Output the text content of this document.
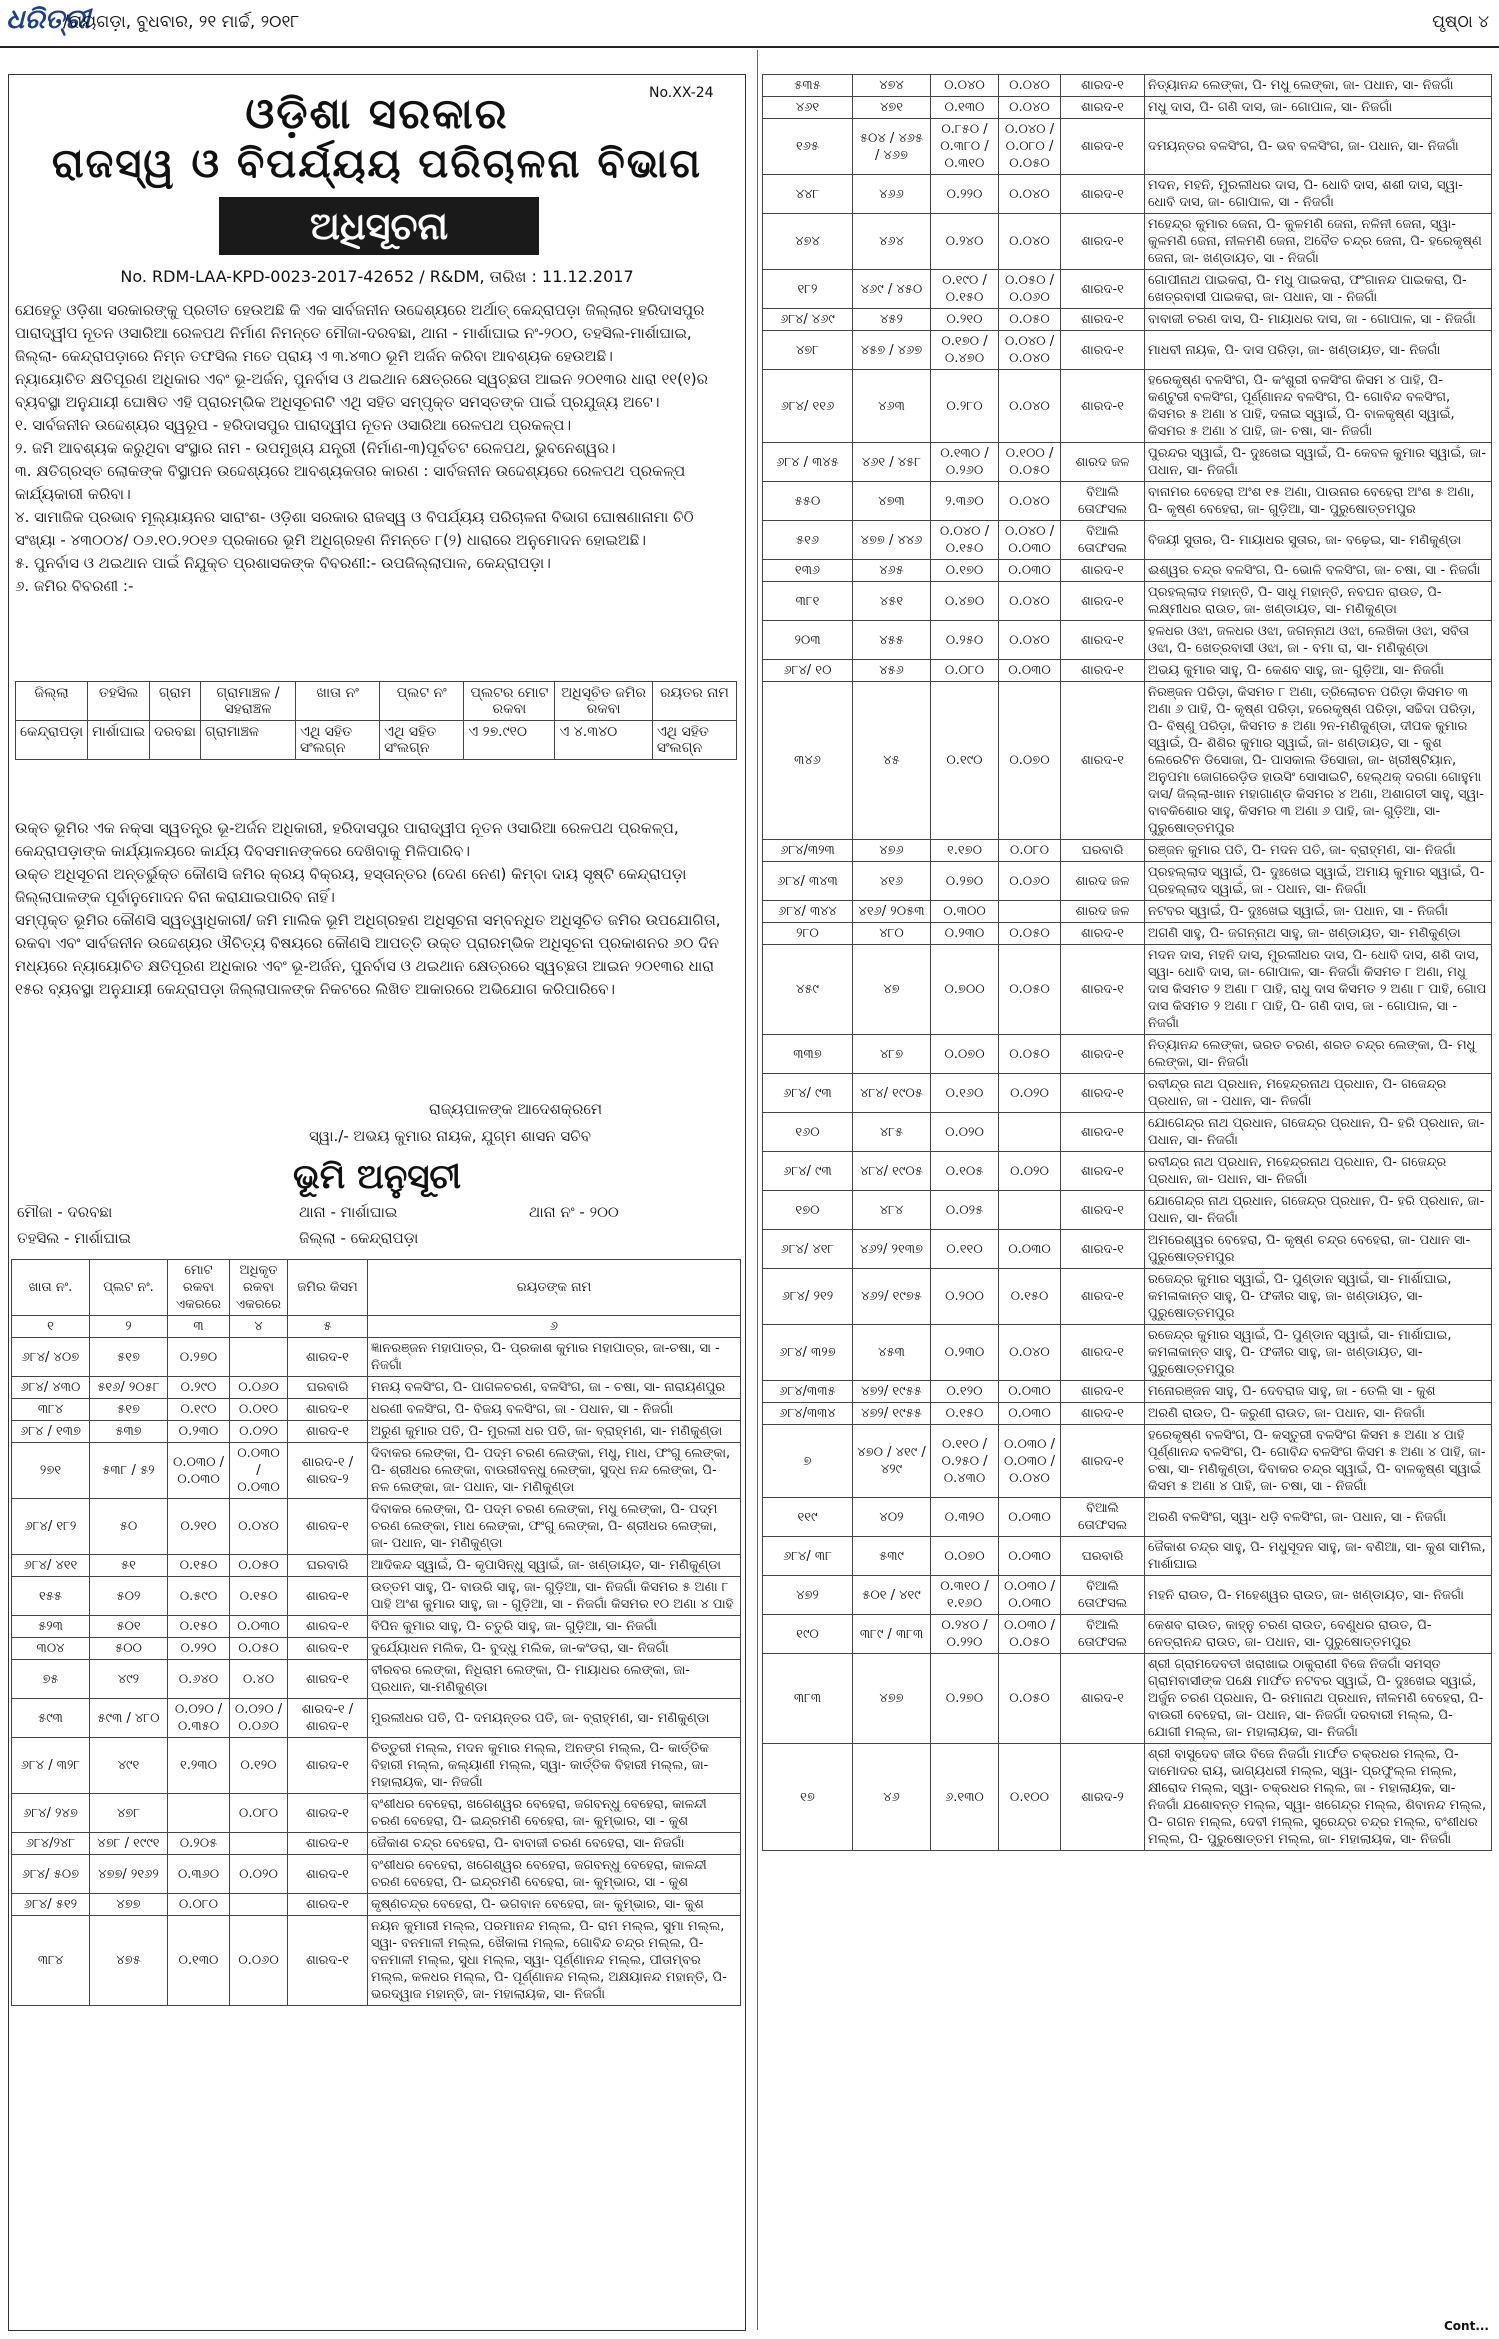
ଧରିତ୍ରୀ
/ରାୟଗଡ଼ା, ବୁଧବାର, ୨୧ ମାର୍ଚ୍ଚ, ୨୦୧୮	ପୃଷ୍ଠା ୪
No.XX-24
ଓଡ଼ିଶା ସରକାର
ରାଜସ୍ୱ ଓ ବିପର୍ଯ୍ୟୟ ପରିଚାଳନା ବିଭାଗ
ଅଧିସୂଚନା
No. RDM-LAA-KPD-0023-2017-42652 / R&DM, ତାରିଖ : 11.12.2017

ଯେହେତୁ ଓଡ଼ିଶା ସରକାରଙ୍କୁ ପ୍ରତୀତ ହେଉଅଛି କି ଏକ ସାର୍ବଜନୀନ ଉଦ୍ଦେଶ୍ୟରେ ଅର୍ଥାତ୍ କେନ୍ଦ୍ରାପଡ଼ା ଜିଲ୍ଲାର ହରିଦାସପୁର ପାରାଦ୍ୱୀପ ନୂତନ ଓସାରିଆ ରେଳପଥ ନିର୍ମାଣ ନିମନ୍ତେ ମୌଜା-ଦରବଛା, ଥାନା - ମାର୍ଶାଘାଇ ନଂ-୨୦୦, ତହସିଲ-ମାର୍ଶାଘାଇ, ଜିଲ୍ଲା- କେନ୍ଦ୍ରାପଡ଼ାରେ ନିମ୍ନ ତଫସିଲ ମତେ ପ୍ରାୟ ଏ ୩.୪୩୦ ଭୂମି ଅର୍ଜନ କରିବା ଆବଶ୍ୟକ ହେଉଅଛି।

ନ୍ୟାୟୋଚିତ କ୍ଷତିପୂରଣ ଅଧିକାର ଏବଂ ଭୂ-ଅର୍ଜନ, ପୁନର୍ବାସ ଓ ଥଇଥାନ କ୍ଷେତ୍ରରେ ସ୍ୱଚ୍ଛତା ଆଇନ ୨୦୧୩ର ଧାରା ୧୧(୧)ର ବ୍ୟବସ୍ଥା ଅନୁଯାୟୀ ଘୋଷିତ ଏହି ପ୍ରାରମ୍ଭିକ ଅଧିସୂଚନାଟି ଏଥି ସହିତ ସମ୍ପୃକ୍ତ ସମସ୍ତଙ୍କ ପାଇଁ ପ୍ରଯୁଜ୍ୟ ଅଟେ।

୧. ସାର୍ବଜନୀନ ଉଦ୍ଦେଶ୍ୟର ସ୍ୱରୂପ - ହରିଦାସପୁର ପାରାଦ୍ୱୀପ ନୂତନ ଓସାରିଆ ରେଳପଥ ପ୍ରକଳ୍ପ।

୨. ଜମି ଆବଶ୍ୟକ କରୁଥିବା ସଂସ୍ଥାର ନାମ - ଉପମୁଖ୍ୟ ଯନ୍ତ୍ରୀ (ନିର୍ମାଣ-୩)ପୂର୍ବତଟ ରେଳପଥ, ଭୁବନେଶ୍ୱର।

୩. କ୍ଷତିଗ୍ରସ୍ତ ଲୋକଙ୍କ ବିସ୍ଥାପନ ଉଦ୍ଦେଶ୍ୟରେ ଆବଶ୍ୟକତାର କାରଣ : ସାର୍ବଜନୀନ ଉଦ୍ଦେଶ୍ୟରେ ରେଳପଥ ପ୍ରକଳ୍ପ କାର୍ଯ୍ୟକାରୀ କରିବା।

୪. ସାମାଜିକ ପ୍ରଭାବ ମୂଲ୍ୟାୟନର ସାରାଂଶ- ଓଡ଼ିଶା ସରକାର ରାଜସ୍ୱ ଓ ବିପର୍ଯ୍ୟୟ ପରିଚାଳନା ବିଭାଗ ଘୋଷଣାନାମା ଚିଠି ସଂଖ୍ୟା - ୪୩୦୦୪/ ୦୬.୧୦.୨୦୧୬ ପ୍ରକାରେ ଭୂମି ଅଧିଗ୍ରହଣ ନିମନ୍ତେ ୮(୨) ଧାରାରେ ଅନୁମୋଦନ ହୋଇଅଛି।

୫. ପୁନର୍ବାସ ଓ ଥଇଥାନ ପାଇଁ ନିଯୁକ୍ତ ପ୍ରଶାସକଙ୍କ ବିବରଣୀ:- ଉପଜିଲ୍ଲାପାଳ, କେନ୍ଦ୍ରାପଡ଼ା।

୬. ଜମିର ବିବରଣୀ :-

ଜିଲ୍ଲା	ତହସିଲ	ଗ୍ରାମ	ଗ୍ରାମାଞ୍ଚଳ / ସହରାଞ୍ଚଳ	ଖାତା ନଂ	ପ୍ଲଟ ନଂ	ପ୍ଲଟର ମୋଟ ରକବା	ଅଧିସୂଚିତ ଜମିର ରକବା	ରୟତର ନାମ
କେନ୍ଦ୍ରାପଡ଼ା	ମାର୍ଶାଘାଇ	ଦରବଛା	ଗ୍ରାମାଞ୍ଚଳ	ଏଥି ସହିତ ସଂଲଗ୍ନ	ଏଥି ସହିତ ସଂଲଗ୍ନ	ଏ ୨୭.୯୧୦	ଏ ୪.୩୪୦	ଏଥି ସହିତ ସଂଲଗ୍ନ

ଉକ୍ତ ଭୂମିର ଏକ ନକ୍ସା ସ୍ୱତନ୍ତ୍ର ଭୂ-ଅର୍ଜନ ଅଧିକାରୀ, ହରିଦାସପୁର ପାରାଦ୍ୱୀପ ନୂତନ ଓସାରିଆ ରେଳପଥ ପ୍ରକଳ୍ପ, କେନ୍ଦ୍ରାପଡ଼ାଙ୍କ କାର୍ଯ୍ୟାଳୟରେ କାର୍ଯ୍ୟ ଦିବସମାନଙ୍କରେ ଦେଖିବାକୁ ମିଳିପାରିବ।

ଉକ୍ତ ଅଧିସୂଚନା ଅନ୍ତର୍ଭୁକ୍ତ କୌଣସି ଜମିର କ୍ରୟ ବିକ୍ରୟ, ହସ୍ତାନ୍ତର (ଦେଣ ନେଣ) କିମ୍ବା ଦାୟ ସୃଷ୍ଟି କେନ୍ଦ୍ରାପଡ଼ା ଜିଲ୍ଲାପାଳଙ୍କ ପୂର୍ବାନୁମୋଦନ ବିନା କରାଯାଇପାରିବ ନାହିଁ।

ସମ୍ପୃକ୍ତ ଭୂମିର କୌଣସି ସ୍ୱତ୍ୱାଧିକାରୀ/ ଜମି ମାଲିକ ଭୂମି ଅଧିଗ୍ରହଣ ଅଧିସୂଚନା ସମ୍ବନ୍ଧିତ ଅଧିସୂଚିତ ଜମିର ଉପଯୋଗିତା, ରକବା ଏବଂ ସାର୍ବଜନୀନ ଉଦ୍ଦେଶ୍ୟର ଔଚିତ୍ୟ ବିଷୟରେ କୌଣସି ଆପତ୍ତି ଉକ୍ତ ପ୍ରାରମ୍ଭିକ ଅଧିସୂଚନା ପ୍ରକାଶନର ୬୦ ଦିନ ମଧ୍ୟରେ ନ୍ୟାୟୋଚିତ କ୍ଷତିପୂରଣ ଅଧିକାର ଏବଂ ଭୂ-ଅର୍ଜନ, ପୁନର୍ବାସ ଓ ଥଇଥାନ କ୍ଷେତ୍ରରେ ସ୍ୱଚ୍ଛତା ଆଇନ ୨୦୧୩ର ଧାରା ୧୫ର ବ୍ୟବସ୍ଥା ଅନୁଯାୟୀ କେନ୍ଦ୍ରାପଡ଼ା ଜିଲ୍ଲାପାଳଙ୍କ ନିକଟରେ ଲିଖିତ ଆକାରରେ ଅଭିଯୋଗ କରିପାରିବେ।

ରାଜ୍ୟପାଳଙ୍କ ଆଦେଶକ୍ରମେ
ସ୍ୱା./- ଅଭୟ କୁମାର ନାୟକ, ଯୁଗ୍ମ ଶାସନ ସଚିବ
ଭୂମି ଅନୁସୂଚୀ
ମୌଜା - ଦରବଛା	ଥାନା - ମାର୍ଶାଘାଇ	ଥାନା ନଂ - ୨୦୦
ତହସିଲ - ମାର୍ଶାଘାଇ	ଜିଲ୍ଲା - କେନ୍ଦ୍ରାପଡ଼ା
ଖାତା ନଂ.	ପ୍ଲଟ ନଂ.	ମୋଟ ରକବା ଏକରରେ	ଅଧିକୃତ ରକବା ଏକରରେ	ଜମିର କିସମ	ରୟତଙ୍କ ନାମ
୧	୨	୩	୪	୫	୬
୬୮୪/ ୪୦୭	୫୧୭	୦.୨୭୦		ଶାରଦ-୧	ଜ୍ଞାନରଞ୍ଜନ ମହାପାତ୍ର, ପି- ପ୍ରକାଶ କୁମାର ମହାପାତ୍ର, ଜା-ଚଷା, ସା - ନିଜଗାଁ
୬୮୪/ ୪୩୦	୫୧୬/ ୨୦୫୮	୦.୨୯୦	୦.୦୬୦	ଘରବାରି	ମନୟ ବଳସିଂଗ, ପି- ପାଗଳଚରଣ, ବଳସିଂଗ, ଜା - ଚଷା, ସା- ନାରାୟଣପୁର
୩୮୪	୫୧୭	୦.୧୯୦	୦.୦୧୦	ଶାରଦ-୧	ଧରଣୀ ବଳସିଂଗ, ପି- ବିଜୟ ବଳସିଂଗ, ଜା - ପଧାନ, ସା - ନିଜଗାଁ
୬୮୪ / ୧୩୭	୫୩୭	୦.୨୩୦	୦.୦୨୦	ଶାରଦ-୧	ଅରୁଣ କୁମାର ପତି, ପି- ମୁରଲୀ ଧର ପତି, ଜା- ବ୍ରାହ୍ମଣ, ସା- ମଣିକୁଣ୍ଡା
୨୭୧	୫୩୮ / ୫୨	୦.୦୩୦ / ୦.୦୩୦	୦.୦୩୦ / ୦.୦୩୦	ଶାରଦ-୧ / ଶାରଦ-୨	ଦିବାକର ଲେଙ୍କା, ପି- ପଦ୍ମ ଚରଣ ଲେଙ୍କା, ମଧୁ, ମାଧ, ଫଂଗୁ ଲେଙ୍କା, ପି- ଶ୍ରୀଧର ଲେଙ୍କା, ବାଉରୀବନ୍ଧୁ ଲେଙ୍କା, ସୁଦ୍ଧ ନନ୍ଦ ଲେଙ୍କା, ପି- ନଳ ଲେଙ୍କା, ଜା- ପଧାନ, ସା- ମଣିକୁଣ୍ଡା
୬୮୪/ ୧୮୨	୫୦	୦.୨୧୦	୦.୦୪୦	ଶାରଦ-୧	ଦିବାକର ଲେଙ୍କା, ପି- ପଦ୍ମ ଚରଣ ଲେଙ୍କା, ମଧୁ ଲେଙ୍କା, ପି- ପଦ୍ମ ଚରଣ ଲେଙ୍କା, ମାଧ ଲେଙ୍କା, ଫଂଗୁ ଲେଙ୍କା, ପି- ଶ୍ରୀଧର ଲେଙ୍କା, ଜା- ପଧାନ, ସା- ମଣିକୁଣ୍ଡା
୬୮୪/ ୪୧୧	୫୧	୦.୧୫୦	୦.୦୫୦	ଘରବାରି	ଆଦିକନ୍ଦ ସ୍ୱାଇଁ, ପି- କୃପାସିନ୍ଧୁ ସ୍ୱାଇଁ, ଜା- ଖଣ୍ଡାୟତ, ସା- ମଣିକୁଣ୍ଡା
୧୫୫	୫୦୨	୦.୫୯୦	୦.୧୫୦	ଶାରଦ-୧	ଉତ୍ତମ ସାହୁ, ପି- ବାଉରି ସାହୁ, ଜା- ଗୁଡ଼ିଆ, ସା- ନିଜଗାଁ କିସମର ୫ ଅଣା ୮ ପାହି ଅଂଶ କୁମାର ସାହୁ, ଜା - ଗୁଡ଼ିଆ, ସା - ନିଜଗାଁ କିସମର ୧୦ ଅଣା ୪ ପାହି
୫୨୩	୫୦୧	୦.୧୫୦	୦.୦୩୦	ଶାରଦ-୧	ବିପିନ କୁମାର ସାହୁ, ପି- ଚତୁରି ସାହୁ, ଜା- ଗୁଡ଼ିଆ, ସା- ନିଜଗାଁ
୩୦୪	୫୦୦	୦.୨୨୦	୦.୦୫୦	ଶାରଦ-୧	ଦୁର୍ଯ୍ୟୋଧନ ମଲିକ, ପି- ବୁଦ୍ଧୁ ମଲିକ, ଜା-କଂଡରା, ସା- ନିଜଗାଁ
୭୫	୪୯୨	୦.୬୪୦	୦.୪୦	ଶାରଦ-୧	ବୀରବର ଲେଙ୍କା, ନିଧିରାମ ଲେଙ୍କା, ପି- ମାୟାଧର ଲେଙ୍କା, ଜା- ପ୍ରଧାନ, ସା-ମଣିକୁଣ୍ଡା
୫୯୩	୫୯୩ / ୪୮୦	୦.୦୨୦ / ୦.୩୫୦	୦.୦୨୦ / ୦.୦୬୦	ଶାରଦ-୧ / ଶାରଦ-୧	ମୁରଲୀଧର ପତି, ପି- ଦମୟନ୍ତର ପତି, ଜା- ବ୍ରାହ୍ମଣ, ସା- ମଣିକୁଣ୍ଡା
୬୮୪ / ୩୨୮	୪୯୧	୧.୨୩୦	୦.୧୨୦	ଶାରଦ-୧	ଚିତ୍ତୁରୀ ମଲ୍ଲ, ମଦନ କୁମାର ମଲ୍ଲ, ଅନଙ୍ଗ ମଲ୍ଲ, ପି- କାର୍ତ୍ତିକ ବିହାରୀ ମଲ୍ଲ, କଲ୍ୟାଣୀ ମଲ୍ଲ, ସ୍ୱା- କାର୍ତ୍ତିକ ବିହାରୀ ମଲ୍ଲ, ଜା- ମହାଲାୟକ, ସା- ନିଜଗାଁ
୬୮୪/ ୨୪୭	୪୭୮		୦.୦୮୦	ଶାରଦ-୧	ବଂଶୀଧର ବେହେରା, ଖଗେଶ୍ୱର ବେହେରା, ଜଗବନ୍ଧୁ ବେହେରା, କାଳନ୍ଦୀ ଚରଣ ବେହେରା, ପି- ଇନ୍ଦ୍ରମଣି ବେହେରା, ଜା- କୁମ୍ଭାର, ସା - କୁଶ
୬୮୪/୨୪୮	୪୭୮ / ୧୯୯୧	୦.୨୦୫		ଶାରଦ-୧	ଜୈକାଶ ଚନ୍ଦ୍ର ବେହେରା, ପି- ବାବାଜୀ ଚରଣ ବେହେରା, ସା- ନିଜଗାଁ
୬୮୪/ ୫୦୭	୪୭୭/ ୨୧୬୨	୦.୩୬୦	୦.୦୨୦	ଶାରଦ-୧	ବଂଶୀଧର ବେହେରା, ଖଗେଶ୍ୱର ବେହେରା, ଜଗବନ୍ଧୁ ବେହେରା, କାଳନ୍ଦୀ ଚରଣ ବେହେରା, ପି- ଇନ୍ଦ୍ରମଣି ବେହେରା, ଜା- କୁମ୍ଭାର, ସା - କୁଶ
୬୮୪/ ୫୧୨	୪୭୭	୦.୦୮୦		ଶାରଦ-୧	କୃଷ୍ଣଚନ୍ଦ୍ର ବେହେରା, ପି- ଭଗବାନ ବେହେରା, ଜା- କୁମ୍ଭାର, ସା- କୁଶ
୩୮୪	୪୭୫	୦.୧୩୦	୦.୦୬୦	ଶାରଦ-୧	ନୟନ କୁମାରୀ ମଲ୍ଲ, ପରମାନନ୍ଦ ମଲ୍ଲ, ପି- ରାମ ମଲ୍ଲ, ସୁମା ମଲ୍ଲ, ସ୍ୱା- ବନମାଳୀ ମଲ୍ଲ, ଖୈକାଳା ମଲ୍ଲ, ଗୋବିନ୍ଦ ଚନ୍ଦ୍ର ମଲ୍ଲ, ପି- ବନମାଳୀ ମଲ୍ଲ, ସୁଧା ମଲ୍ଲ, ସ୍ୱା- ପୂର୍ଣ୍ଣାନନ୍ଦ ମଲ୍ଲ, ପୀତାମ୍ବର ମଲ୍ଲ, କଳଧର ମଲ୍ଲ, ପି- ପୂର୍ଣ୍ଣାନନ୍ଦ ମଲ୍ଲ, ଅକ୍ଷୟାନନ୍ଦ ମହାନ୍ତି, ପି- ଭରଦ୍ୱାଜ ମହାନ୍ତି, ଜା- ମହାଲାୟକ, ସା- ନିଜଗାଁ
୫୩୫	୪୭୪	୦.୦୪୦	୦.୦୪୦	ଶାରଦ-୧	ନିତ୍ୟାନନ୍ଦ ଲେଙ୍କା, ପି- ମଧୁ ଲେଙ୍କା, ଜା- ପଧାନ, ସା- ନିଜଗାଁ
୪୬୧	୪୭୧	୦.୧୩୦	୦.୦୪୦	ଶାରଦ-୧	ମଧୁ ଦାସ, ପି- ଗଣି ଦାସ, ଜା- ଗୋପାଳ, ସା- ନିଜଗାଁ
୧୬୫	୫୦୪ / ୪୬୫ / ୪୬୭	୦.୮୫୦ / ୦.୩୮୦ / ୦.୩୧୦	୦.୦୪୦ / ୦.୦୮୦ / ୦.୦୫୦	ଶାରଦ-୧	ଦମୟନ୍ତର ବଳସିଂଗ, ପି- ଭବ ବଳସିଂଗ, ଜା- ପଧାନ, ସା- ନିଜଗାଁ
୪୪୮	୪୬୬	୦.୨୨୦	୦.୦୪୦	ଶାରଦ-୧	ମଦନ, ମହନି, ମୁରଲୀଧର ଦାସ, ପି- ଧୋବି ଦାସ, ଶଶୀ ଦାସ, ସ୍ୱା- ଧୋବି ଦାସ, ଜା- ଗୋପାଳ, ସା - ନିଜଗାଁ
୪୭୪	୪୬୪	୦.୨୪୦	୦.୦୪୦	ଶାରଦ-୧	ମହେନ୍ଦ୍ର କୁମାର ଜେନା, ପି- କୁଳମଣି ଜେନା, ନଳିନୀ ଜେନା, ସ୍ୱା- କୁଳମଣି ଜେନା, ନୀଳମଣି ଜେନା, ଅବୈତ ଚନ୍ଦ୍ର ଜେନା, ପି- ହରେକୃଷ୍ଣ ଜେନା, ଜା- ଖଣ୍ଡାୟତ, ସା - ନିଜଗାଁ
୧୮୨	୪୬୯ / ୪୫୦	୦.୧୯୦ / ୦.୧୫୦	୦.୦୫୦ / ୦.୦୬୦	ଶାରଦ-୧	ଗୋପୀନାଥ ପାଇକରା, ପି- ମଧୁ ପାଇକରା, ଫଂଗାନନ୍ଦ ପାଇକରା, ପି- ଖେତ୍ରବାସୀ ପାଇକରା, ଜା- ପଧାନ, ସା - ନିଜଗାଁ
୬୮୪/ ୪୬୯	୪୫୨	୦.୨୧୦	୦.୦୫୦	ଶାରଦ-୧	ବାବାଜୀ ଚରଣ ଦାସ, ପି- ମାୟାଧର ଦାସ, ଜା - ଗୋପାଳ, ସା - ନିଜଗାଁ
୪୭୮	୪୫୭ / ୪୬୭	୦.୧୭୦ / ୦.୪୭୦	୦.୦୪୦ / ୦.୦୪୦	ଶାରଦ-୧	ମାଧବୀ ନାୟକ, ପି- ଦାସ ପରିଡ଼ା, ଜା- ଖଣ୍ଡାୟତ, ସା- ନିଜଗାଁ
୬୮୪/ ୧୧୬	୪୬୩	୦.୨୮୦	୦.୦୪୦	ଶାରଦ-୧	ହରେକୃଷ୍ଣ ବଳସିଂଗ, ପି- କଂଶୁରୀ ବଳସିଂଗ କିସମ ୪ ପାହି, ପି- କଣ୍ଟୁରୀ ବଳସିଂଗ, ପୂର୍ଣ୍ଣାନନ୍ଦ ବଳସିଂଗ, ପି- ଗୋବିନ୍ଦ ବଳସିଂଗ, କିସମର ୫ ଅଣା ୪ ପାହି, ଦଳାଇ ସ୍ୱାଇଁ, ପି- ବାଳକୃଷ୍ଣ ସ୍ୱାଇଁ, କିସମର ୫ ଅଣା ୪ ପାହି, ଜା- ଚଷା, ସା- ନିଜଗାଁ
୬୮୪ / ୩୪୫	୪୬୧ / ୪୫୮	୦.୧୩୦ / ୦.୨୬୦	୦.୧୦୦ / ୦.୦୫୦	ଶାରଦ ଜଳ	ପୁରନ୍ଦର ସ୍ୱାଇଁ, ପି- ଦୁଃଖେଇ ସ୍ୱାଇଁ, ପି- କେବଳ କୁମାର ସ୍ୱାଇଁ, ଜା- ପଧାନ, ସା- ନିଜଗାଁ
୫୫୦	୪୭୩	୨.୩୬୦	୦.୦୪୦	ବିଆଲି ତୋଫସଲ	ବାନାମର ବେହେରା ଅଂଶ ୧୫ ଅଣା, ପାଉନାର ବେହେରା ଅଂଶ ୫ ଅଣା, ପି- କୃଷ୍ଣ ବେହେରା, ଜା- ଗୁଡ଼ିଆ, ସା- ପୁରୁଷୋତ୍ତମପୁର
୫୧୬	୪୭୭ / ୪୪୬	୦.୦୪୦ / ୦.୧୫୦	୦.୦୪୦ / ୦.୦୩୦	ବିଆଲି ତୋଫସଲ	ବିଜୟୀ ସୁତାର, ପି- ମାୟାଧର ସୁତାର, ଜା- ବଢ଼େଇ, ସା- ମଣିକୁଣ୍ଡା
୧୩୬	୪୬୫	୦.୧୭୦	୦.୦୩୦	ଶାରଦ-୧	ଈଶ୍ୱର ଚନ୍ଦ୍ର ବଳସିଂଗ, ପି- ଭୋଳି ବଳସିଂଗ, ଜା- ଚଷା, ସା - ନିଜଗାଁ
୩୮୧	୪୫୧	୦.୪୭୦	୦.୦୪୦	ଶାରଦ-୧	ପ୍ରହଲ୍ଲାଦ ମହାନ୍ତି, ପି- ସାଧୁ ମହାନ୍ତି, ନବଘନ ରାଉତ, ପି- ଲକ୍ଷ୍ମୀଧର ରାଉତ, ଜା- ଖଣ୍ଡାୟତ, ସା- ମଣିକୁଣ୍ଡା
୨୦୩	୪୫୫	୦.୨୫୦	୦.୦୪୦	ଶାରଦ-୧	ହଳଧର ଓଝା, ଜଳଧର ଓଝା, ଜଗନ୍ନାଥ ଓଝା, ଲେଖିକା ଓଝା, ସବିତା ଓଝା, ପି- ଖେତ୍ରବାସୀ ଓଝା, ଜା - ବମା ରା, ସା- ମଣିକୁଣ୍ଡା
୬୮୪/ ୧୦	୪୫୬	୦.୦୮୦	୦.୦୩୦	ଶାରଦ-୧	ଅଭୟ କୁମାର ସାହୁ, ପି- କେଶବ ସାହୁ, ଜା- ଗୁଡ଼ିଆ, ସା- ନିଜଗାଁ
୩୪୬	୪୫	୦.୧୯୦	୦.୦୭୦	ଶାରଦ-୧	ନିରଞ୍ଜନ ପରିଡ଼ା, କିସମତ ୮ ଅଣା, ତ୍ରିଲୋଚନ ପରିଡ଼ା କିସମତ ୩ ଅଣା ୬ ପାହି, ପି- କୃଷ୍ଣ ପରିଡ଼ା, ହରେକୃଷ୍ଣ ପରିଡ଼ା, ସଚ୍ଚିଦା ପରିଡ଼ା, ପି- ବିଷ୍ଣୁ ପରିଡ଼ା, କିସମତ ୫ ଅଣା ୨ନ-ମଣିକୁଣ୍ଡା, ଦୀପକ କୁମାର ସ୍ୱାଇଁ, ପି- ଶିଶିର କୁମାର ସ୍ୱାଇଁ, ଜା- ଖଣ୍ଡାୟତ, ସା - କୁଶ ଲେରେଟିନ ଡିସୋଜା, ପି- ପାସକାଲ ଡିସୋଜା, ଜା- ଖ୍ରୀଷ୍ଟିୟାନ, ଅନୁପମା ଜୋଗରେଡ଼ିଡ ହାଉସିଂ ସୋସାଇଟି, ହେଲ୍ଥକ୍ ଦରଗା ଗୋହୁମା ଦାସ/ ଜିଲ୍ଲା-ଖାନ ମହାଗାଣ୍ଡ କିସମର ୪ ଅଣା, ଅଶାଗତୀ ସାହୁ, ସ୍ୱା- ବାବକିଶୋର ସାହୁ, କିସମର ୩ ଅଣା ୬ ପାହି, ଜା- ଗୁଡ଼ିଆ, ସା- ପୁରୁଷୋତ୍ତମପୁର
୬୮୪/୩୨୩	୪୭୬	୧.୧୭୦	୦.୦୮୦	ଘରବାରି	ରଞ୍ଜନ କୁମାର ପତି, ପି- ମଦନ ପତି, ଜା- ବ୍ରାହ୍ମଣ, ସା- ନିଜଗାଁ
୬୮୪/ ୩୪୩	୪୧୬	୦.୨୭୦	୦.୦୬୦	ଶାରଦ ଜଳ	ପ୍ରହଲ୍ଲାଦ ସ୍ୱାଇଁ, ପି- ଦୁଃଖେଇ ସ୍ୱାଇଁ, ଅମାୟ କୁମାର ସ୍ୱାଇଁ, ପି- ପ୍ରହଲ୍ଲାଦ ସ୍ୱାଇଁ, ଜା - ପଧାନ, ସା- ନିଜଗାଁ
୬୮୪/ ୩୪୪	୪୧୬/ ୨୦୫୩	୦.୩୦୦		ଶାରଦ ଜଳ	ନଟବର ସ୍ୱାଇଁ, ପି- ଦୁଃଖେଇ ସ୍ୱାଇଁ, ଜା- ପଧାନ, ସା - ନିଜଗାଁ
୨୮୦	୪୮୦	୦.୨୩୦	୦.୦୫୦	ଶାରଦ-୧	ଅଗଣି ସାହୁ, ପି- ଜଗନ୍ନାଥ ସାହୁ, ଜା- ଖଣ୍ଡାୟତ, ସା- ମଣିକୁଣ୍ଡା
୪୫୯	୪୭	୦.୭୦୦	୦.୦୫୦	ଶାରଦ-୧	ମଦନ ଦାସ, ମହନି ଦାସ, ମୁରଲୀଧର ଦାସ, ପି- ଧୋବି ଦାସ, ଶଶି ଦାସ, ସ୍ୱା- ଧୋବି ଦାସ, ଜା- ଗୋପାଳ, ସା- ନିଜଗାଁ କିସମତ ୮ ଅଣା, ମଧୁ ଦାସ କିସମତ ୨ ଅଣା ୮ ପାହି, ରାଧୁ ଦାସ କିସମତ ୨ ଅଣା ୮ ପାହି, ଗୋପ ଦାସ କିସମତ ୨ ଅଣା ୮ ପାହି, ପି- ଗଣି ଦାସ, ଜା - ଗୋପାଳ, ସା - ନିଜଗାଁ
୩୩୭	୪୮୭	୦.୦୭୦	୦.୦୫୦	ଶାରଦ-୧	ନିତ୍ୟାନନ୍ଦ ଲେଙ୍କା, ଭରତ ଚରଣ, ଶରତ ଚନ୍ଦ୍ର ଲେଙ୍କା, ପି- ମଧୁ ଲେଙ୍କା, ସା- ନିଜଗାଁ
୬୮୪/ ୯୩	୪୮୪/ ୧୯୦୫	୦.୧୬୦	୦.୦୨୦	ଶାରଦ-୧	ରବୀନ୍ଦ୍ର ନାଥ ପ୍ରଧାନ, ମହେନ୍ଦ୍ରନାଥ ପ୍ରଧାନ, ପି- ଗଜେନ୍ଦ୍ର ପ୍ରଧାନ, ଜା - ପଧାନ, ସା- ନିଜଗାଁ
୧୬୦	୪୮୫	୦.୦୨୦		ଶାରଦ-୧	ଯୋଗେନ୍ଦ୍ର ନାଥ ପ୍ରଧାନ, ଗଜେନ୍ଦ୍ର ପ୍ରଧାନ, ପି- ହରି ପ୍ରଧାନ, ଜା- ପଧାନ, ସା- ନିଜଗାଁ
୬୮୪/ ୯୩	୪୮୪/ ୧୯୦୫	୦.୧୦୫	୦.୦୨୦	ଶାରଦ-୧	ରବୀନ୍ଦ୍ର ନାଥ ପ୍ରଧାନ, ମହେନ୍ଦ୍ରନାଥ ପ୍ରଧାନ, ପି- ଗଜେନ୍ଦ୍ର ପ୍ରଧାନ, ଜା- ପଧାନ, ସା- ନିଜଗାଁ
୧୭୦	୪୮୪	୦.୦୨୫		ଶାରଦ-୧	ଯୋଗେନ୍ଦ୍ର ନାଥ ପ୍ରଧାନ, ଗଜେନ୍ଦ୍ର ପ୍ରଧାନ, ପି- ହରି ପ୍ରଧାନ, ଜା- ପଧାନ, ସା- ନିଜଗାଁ
୬୮୪/ ୪୧୮	୪୬୨/ ୨୧୩୭	୦.୧୧୦	୦.୦୩୦	ଶାରଦ-୧	ଅମରେଶ୍ୱର ବେହେରା, ପି- କୃଷ୍ଣ ଚନ୍ଦ୍ର ବେହେରା, ଜା- ପଧାନ ସା- ପୁରୁଷୋତ୍ତମପୁର
୬୮୪/ ୨୧୨	୪୬୨/ ୧୯୭୫	୦.୨୦୦	୦.୧୫୦	ଶାରଦ-୧	ରଜେନ୍ଦ୍ର କୁମାର ସ୍ୱାଇଁ, ପି- ପୁଣ୍ଡାନ ସ୍ୱାଇଁ, ସା- ମାର୍ଶାଘାଇ, କମଳାକାନ୍ତ ସାହୁ, ପି- ଫକୀର ସାହୁ, ଜା- ଖଣ୍ଡାୟତ, ସା- ପୁରୁଷୋତ୍ତମପୁର
୬୮୪/ ୩୨୭	୪୫୩	୦.୨୩୦	୦.୦୪୦	ଶାରଦ-୧	ରଜେନ୍ଦ୍ର କୁମାର ସ୍ୱାଇଁ, ପି- ପୁଣ୍ଡାନ ସ୍ୱାଇଁ, ସା- ମାର୍ଶାଘାଇ, କମଳାକାନ୍ତ ସାହୁ, ପି- ଫକୀର ସାହୁ, ଜା- ଖଣ୍ଡାୟତ, ସା- ପୁରୁଷୋତ୍ତମପୁର
୬୮୪/୩୩୫	୪୭୨/ ୧୯୫୫	୦.୧୨୦	୦.୦୩୦	ଶାରଦ-୧	ମନୋରଞ୍ଜନ ସାହୁ, ପି- ଦେବରାଜ ସାହୁ, ଜା - ତେଲି ସା - କୁଶ
୬୮୪/୩୩୪	୪୭୨/ ୧୯୫୫	୦.୧୫୦	୦.୦୩୦	ଶାରଦ-୧	ଅରଣି ରାଉତ, ପି- କରୁଣୀ ରାଉତ, ଜା- ପଧାନ, ସା- ନିଜଗାଁ
୭	୪୭୦ / ୪୧୯ / ୪୨୯	୦.୧୧୦ / ୦.୨୫୦ / ୦.୪୩୦	୦.୦୩୦ / ୦.୦୩୦ / ୦.୦୪୦	ଶାରଦ-୧	ହରେକୃଷ୍ଣ ବଳସିଂଗ, ପି- କସ୍ତୁରୀ ବଳସିଂଗ କିସମ ୫ ଅଣା ୪ ପାହି ପୂର୍ଣ୍ଣାନନ୍ଦ ବଳସିଂଗ, ପି- ଗୋବିନ୍ଦ ବଳସିଂଗ କିସମ ୫ ଅଣା ୪ ପାହି, ଜା- ଚଷା, ସା- ମଣିକୁଣ୍ଡା, ଦିବାକର ଚନ୍ଦ୍ର ସ୍ୱାଇଁ, ପି- ବାଳକୃଷ୍ଣ ସ୍ୱାଇଁ କିସମ ୫ ଅଣା ୪ ପାହି, ଜା- ଚଷା, ସା - ନିଜଗାଁ
୧୧୯	୪୦୨	୦.୩୨୦	୦.୦୩୦	ବିଆଲି ତୋଫସଲ	ଅରଣି ବଳସିଂଗ, ସ୍ୱା- ଧଡ଼ି ବଳସିଂଗ, ଜା- ପଧାନ, ସା - ନିଜଗାଁ
୬୮୪/ ୩୮	୫୩୯	୦.୦୭୦	୦.୦୩୦	ଘରବାରି	ଜୈକାଶ ଚନ୍ଦ୍ର ସାହୁ, ପି- ମଧୁସୂଦନ ସାହୁ, ଜା- ବଣିଆ, ସା- କୁଶ ସାମିଲ, ମାର୍ଶାଘାଇ
୪୭୨	୫୦୧ / ୪୧୯	୦.୩୧୦ / ୧.୧୬୦	୦.୦୩୦ / ୦.୦୩୦	ବିଆଲି ତୋଫସଲ	ମହନି ରାଉତ, ପି- ମହେଶ୍ୱର ରାଉତ, ଜା- ଖଣ୍ଡାୟତ, ସା- ନିଜଗାଁ
୧୯୦	୩୮୯ / ୩୮୩	୦.୨୪୦ / ୦.୨୨୦	୦.୦୩୦ / ୦.୦୫୦	ବିଆଲି ତୋଫସଲ	କେଶବ ରାଉତ, କାହ୍ନୁ ଚରଣ ରାଉତ, ବେଣୁଧର ରାଉତ, ପି- ନେତ୍ରାନନ୍ଦ ରାଉତ, ଜା- ପଧାନ, ସା- ପୁରୁଷୋତ୍ତମପୁର
୩୮୩	୪୭୭	୦.୨୭୦	୦.୦୫୦	ଶାରଦ-୧	ଶ୍ରୀ ଗ୍ରାମଦେବତୀ ଖରାଖାଇ ଠାକୁରାଣୀ ବିଜେ ନିଜଗାଁ ସମସ୍ତ ଗ୍ରାମବାସୀଙ୍କ ପକ୍ଷେ ମାର୍ଫତ ନଟବର ସ୍ୱାଇଁ, ପି- ଦୁଃଖେଇ ସ୍ୱାଇଁ, ଅର୍ଜୁନ ଚରଣ ପ୍ରଧାନ, ପି- ରମାନାଥ ପ୍ରଧାନ, ନୀଳମଣି ବେହେରା, ପି- ବାଉରୀ ବେହେରା, ଜା- ପଧାନ, ସା- ନିଜଗାଁ ଦରବାରୀ ମଲ୍ଲ, ପି- ଯୋଗୀ ମଲ୍ଲ, ଜା- ମହାଲାୟକ, ସା- ନିଜଗାଁ
୧୭	୪୬	୬.୧୩୦	୦.୧୦୦	ଶାରଦ-୨	ଶ୍ରୀ ବାସୁଦେବ ଜୀଉ ବିଜେ ନିଜଗାଁ ମାର୍ଫତ ଚକ୍ରଧର ମଲ୍ଲ, ପି- ଦାମୋଦର ରାୟ, ଭାଗ୍ୟଧରୀ ମଲ୍ଲ, ସ୍ୱା- ପ୍ରଫୁଲ୍ଲ ମଲ୍ଲ, କ୍ଷୀରୋଦ ମଲ୍ଲ, ସ୍ୱା- ଚକ୍ରଧର ମଲ୍ଲ, ଜା - ମହାଲାୟକ, ସା- ନିଜଗାଁ ଯଶୋବନ୍ତ ମଲ୍ଲ, ସ୍ୱା- ଖଗେନ୍ଦ୍ର ମଲ୍ଲ, ଶିବାନନ୍ଦ ମଲ୍ଲ, ପି- ଗଗନ ମଲ୍ଲ, ଦେବୀ ମଲ୍ଲ, ସୁରେନ୍ଦ୍ର ଚନ୍ଦ୍ର ମଲ୍ଲ, ବଂଶୀଧର ମଲ୍ଲ, ପି- ପୁରୁଷୋତ୍ତମ ମଲ୍ଲ, ଜା- ମହାଲାୟକ, ସା- ନିଜଗାଁ
Cont...
